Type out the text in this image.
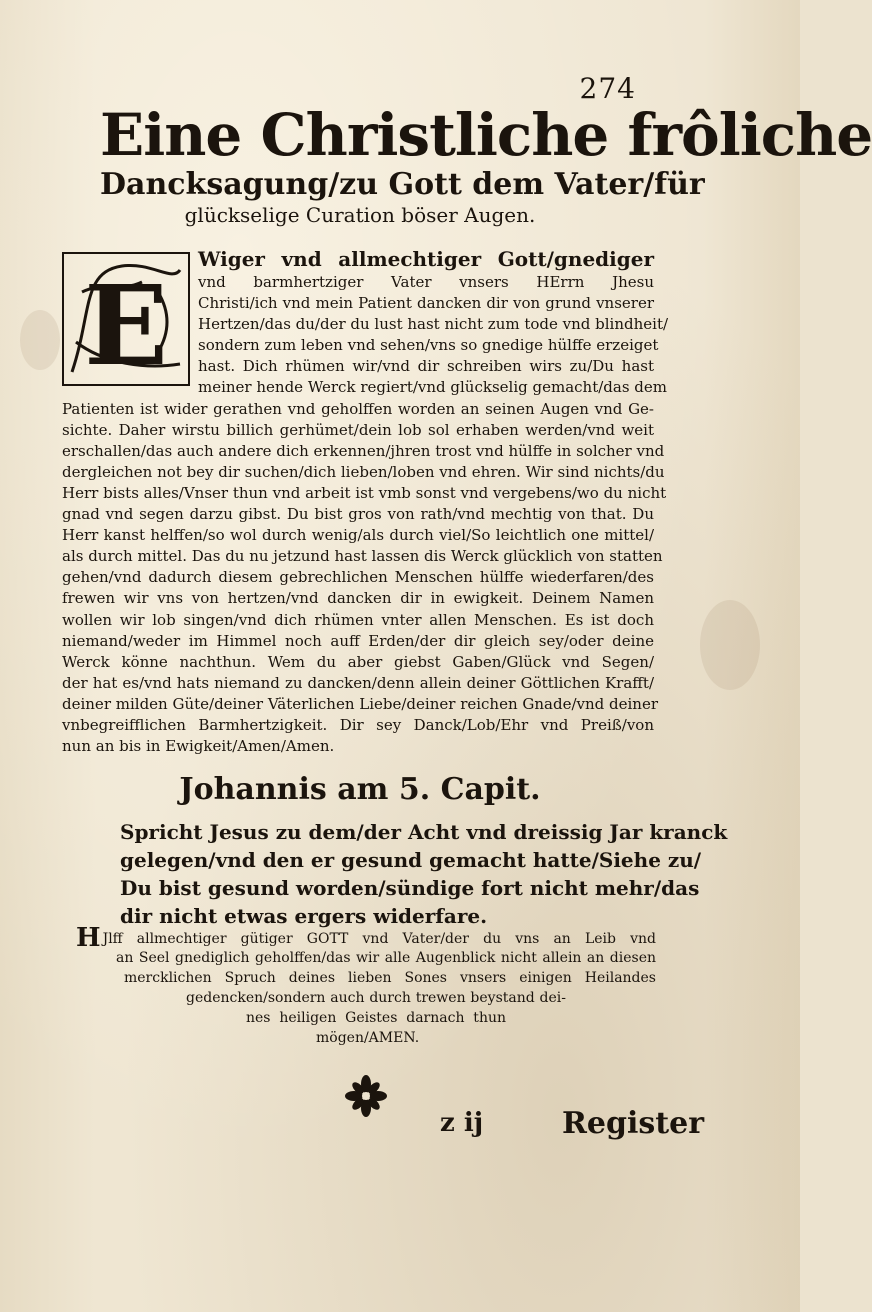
274
Eine Christliche frôliche
Dancksagung/zu Gott dem Vater/für
glückselige Curation böser Augen.
E
Wiger vnd allmechtiger Gott/gnediger
vnd barmhertziger Vater vnsers HErrn Jhesu
Christi/ich vnd mein Patient dancken dir von grund vnserer
Hertzen/das du/der du lust hast nicht zum tode vnd blindheit/
sondern zum leben vnd sehen/vns so gnedige hülffe erzeiget
hast. Dich rhümen wir/vnd dir schreiben wirs zu/Du hast
meiner hende Werck regiert/vnd glückselig gemacht/das dem
Patienten ist wider gerathen vnd geholffen worden an seinen Augen vnd Ge-
sichte. Daher wirstu billich gerhümet/dein lob sol erhaben werden/vnd weit
erschallen/das auch andere dich erkennen/jhren trost vnd hülffe in solcher vnd
dergleichen not bey dir suchen/dich lieben/loben vnd ehren. Wir sind nichts/du
Herr bists alles/Vnser thun vnd arbeit ist vmb sonst vnd vergebens/wo du nicht
gnad vnd segen darzu gibst. Du bist gros von rath/vnd mechtig von that. Du
Herr kanst helffen/so wol durch wenig/als durch viel/So leichtlich one mittel/
als durch mittel. Das du nu jetzund hast lassen dis Werck glücklich von statten
gehen/vnd dadurch diesem gebrechlichen Menschen hülffe wiederfaren/des
frewen wir vns von hertzen/vnd dancken dir in ewigkeit. Deinem Namen
wollen wir lob singen/vnd dich rhümen vnter allen Menschen. Es ist doch
niemand/weder im Himmel noch auff Erden/der dir gleich sey/oder deine
Werck könne nachthun. Wem du aber giebst Gaben/Glück vnd Segen/
der hat es/vnd hats niemand zu dancken/denn allein deiner Göttlichen Krafft/
deiner milden Güte/deiner Väterlichen Liebe/deiner reichen Gnade/vnd deiner
vnbegreifflichen Barmhertzigkeit. Dir sey Danck/Lob/Ehr vnd Preiß/von
nun an bis in Ewigkeit/Amen/Amen.
Johannis am 5. Capit.
Spricht Jesus zu dem/der Acht vnd dreissig Jar kranck
gelegen/vnd den er gesund gemacht hatte/Siehe zu/
Du bist gesund worden/sündige fort nicht mehr/das
dir nicht etwas ergers widerfare.
H Jlff allmechtiger gütiger GOTT vnd Vater/der du vns an Leib vnd
an Seel gnediglich geholffen/das wir alle Augenblick nicht allein an diesen
mercklichen Spruch deines lieben Sones vnsers einigen Heilandes
gedencken/sondern auch durch trewen beystand dei-
nes heiligen Geistes darnach thun
mögen/AMEN.
z ij	Register
